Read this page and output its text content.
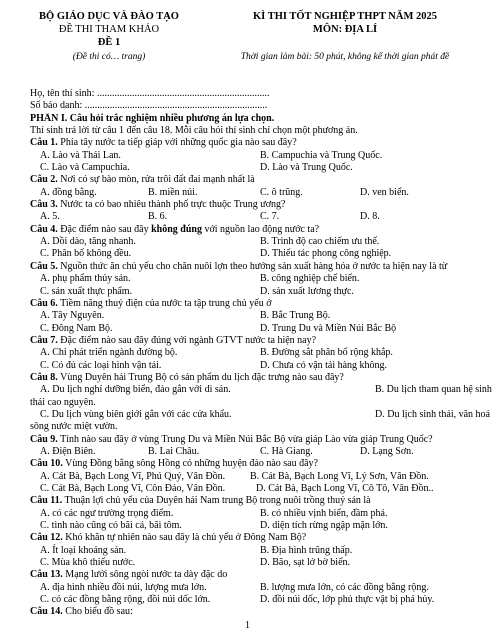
BỘ GIÁO DỤC VÀ ĐÀO TẠO
ĐỀ THI THAM KHẢO
ĐỀ 1
(Đề thi có… trang)
KÌ THI TỐT NGHIỆP THPT NĂM 2025
MÔN: ĐỊA LÍ
Thời gian làm bài: 50 phút, không kể thời gian phát đề
Họ, tên thí sinh: .....................................................................
Số báo danh: .........................................................................
PHẦN I. Câu hỏi trắc nghiệm nhiều phương án lựa chọn.
Thí sinh trả lời từ câu 1 đến câu 18. Mỗi câu hỏi thí sinh chỉ chọn một phương án.
Câu 1. Phía tây nước ta tiếp giáp với những quốc gia nào sau đây?
A. Lào và Thái Lan.	B. Campuchia và Trung Quốc.
C. Lào và Campuchia.	D. Lào và Trung Quốc.
Câu 2. Nơi có sự bào mòn, rửa trôi đất đai mạnh nhất là
A. đồng bằng.	B. miền núi.	C. ô trũng.	D. ven biển.
Câu 3. Nước ta có bao nhiêu thành phố trực thuộc Trung ương?
A. 5.	B. 6.	C. 7.	D. 8.
Câu 4. Đặc điểm nào sau đây không đúng với nguồn lao động nước ta?
A. Dồi dào, tăng nhanh.	B. Trình độ cao chiếm ưu thế.
C. Phân bố không đều.	D. Thiếu tác phong công nghiệp.
Câu 5. Nguồn thức ăn chủ yếu cho chăn nuôi lợn theo hướng sản xuất hàng hóa ở nước ta hiện nay là từ
A. phụ phẩm thủy sản.	B. công nghiệp chế biến.
C. sản xuất thực phẩm.	D. sản xuất lương thực.
Câu 6. Tiềm năng thuỷ điện của nước ta tập trung chủ yếu ở
A. Tây Nguyên.	B. Bắc Trung Bộ.
C. Đông Nam Bộ.	D. Trung Du và Miền Núi Bắc Bộ
Câu 7. Đặc điểm nào sau đây đúng với ngành GTVT nước ta hiện nay?
A. Chỉ phát triển ngành đường bộ.	B. Đường sắt phân bố rộng khắp.
C. Có đủ các loại hình vận tải.	D. Chưa có vận tải hàng không.
Câu 8. Vùng Duyên hải Trung Bộ có sản phẩm du lịch đặc trưng nào sau đây?
A. Du lịch nghỉ dưỡng biển, đảo gắn với di sản.	B. Du lịch tham quan hệ sinh
thái cao nguyên.
C. Du lịch vùng biên giới gắn với các cửa khẩu.	D. Du lịch sinh thái, văn hoá
sông nước miệt vườn.
Câu 9. Tỉnh nào sau đây ở vùng Trung Du và Miền Núi Bắc Bộ vừa giáp Lào vừa giáp Trung Quốc?
A. Điện Biên.	B. Lai Châu.	C. Hà Giang.	D. Lạng Sơn.
Câu 10. Vùng Đồng bằng sông Hồng có những huyện đảo nào sau đây?
A. Cát Bà, Bạch Long Vĩ, Phú Quý, Vân Đồn. B. Cát Bà, Bạch Long Vĩ, Lý Sơn, Vân Đồn.
C. Cát Bà, Bạch Long Vĩ, Côn Đảo, Vân Đồn.	D. Cát Bà, Bạch Long Vĩ, Cô Tô, Vân Đồn..
Câu 11. Thuận lợi chủ yếu của Duyên hải Nam trung Bộ trong nuôi trồng thuỷ sản là
A. có các ngư trường trọng điểm.	B. có nhiều vịnh biển, đầm phá.
C. tình nào cũng có bãi cá, bãi tôm.	D. diện tích rừng ngập mặn lớn.
Câu 12. Khó khăn tự nhiên nào sau đây là chủ yếu ở Đông Nam Bộ?
A. Ít loại khoáng sản.	B. Địa hình trũng thấp.
C. Mùa khô thiếu nước.	D. Bão, sạt lở bờ biển.
Câu 13. Mạng lưới sông ngòi nước ta dày đặc do
A. địa hình nhiều đồi núi, lượng mưa lớn.	B. lượng mưa lớn, có các đồng bằng rộng.
C. có các đồng bằng rộng, đồi núi dốc lớn.	D. đồi núi dốc, lớp phủ thực vật bị phá hủy.
Câu 14. Cho biểu đồ sau:
1
